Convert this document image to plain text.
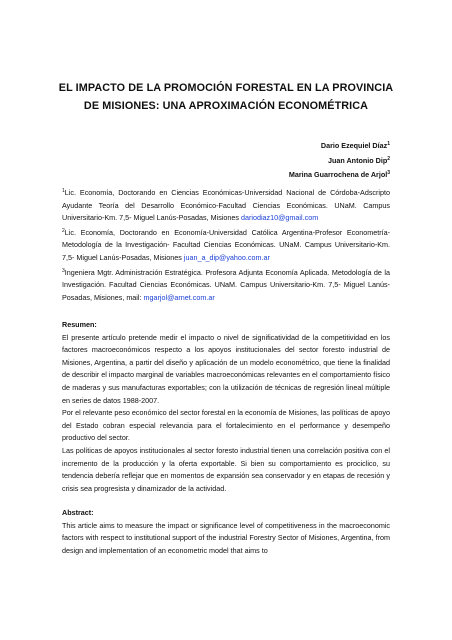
EL IMPACTO DE LA PROMOCIÓN FORESTAL EN LA PROVINCIA
DE MISIONES: UNA APROXIMACIÓN ECONOMÉTRICA
Dario Ezequiel Díaz$^1$
Juan Antonio Dip$^2$
Marina Guarrochena de Arjol$^3$

$^1$Lic. Economía, Doctorando en Ciencias Económicas-Universidad Nacional de Córdoba-Adscripto Ayudante Teoría del Desarrollo Económico-Facultad Ciencias Económicas. UNaM. Campus Universitario-Km. 7,5- Miguel Lanús-Posadas, Misiones dariodiaz10@gmail.com

$^2$Lic. Economía, Doctorando en Economía-Universidad Católica Argentina-Profesor Econometría-Metodología de la Investigación- Facultad Ciencias Económicas. UNaM. Campus Universitario-Km. 7,5- Miguel Lanús-Posadas, Misiones juan_a_dip@yahoo.com.ar

$^3$Ingeniera Mgtr. Administración Estratégica. Profesora Adjunta Economía Aplicada. Metodología de la Investigación. Facultad Ciencias Económicas. UNaM. Campus Universitario-Km. 7,5- Miguel Lanús-Posadas, Misiones, mail: mgarjol@arnet.com.ar

Resumen:

El presente artículo pretende medir el impacto o nivel de significatividad de la competitividad en los factores macroeconómicos respecto a los apoyos institucionales del sector foresto industrial de Misiones, Argentina, a partir del diseño y aplicación de un modelo econométrico, que tiene la finalidad de describir el impacto marginal de variables macroeconómicas relevantes en el comportamiento físico de maderas y sus manufacturas exportables; con la utilización de técnicas de regresión lineal múltiple en series de datos 1988-2007.

Por el relevante peso económico del sector forestal en la economía de Misiones, las políticas de apoyo del Estado cobran especial relevancia para el fortalecimiento en el performance y desempeño productivo del sector.

Las políticas de apoyos institucionales al sector foresto industrial tienen una correlación positiva con el incremento de la producción y la oferta exportable. Si bien su comportamiento es prociclico, su tendencia debería reflejar que en momentos de expansión sea conservador y en etapas de recesión y crisis sea progresista y dinamizador de la actividad.

Abstract:

This article aims to measure the impact or significance level of competitiveness in the macroeconomic factors with respect to institutional support of the industrial Forestry Sector of Misiones, Argentina, from design and implementation of an econometric model that aims to
